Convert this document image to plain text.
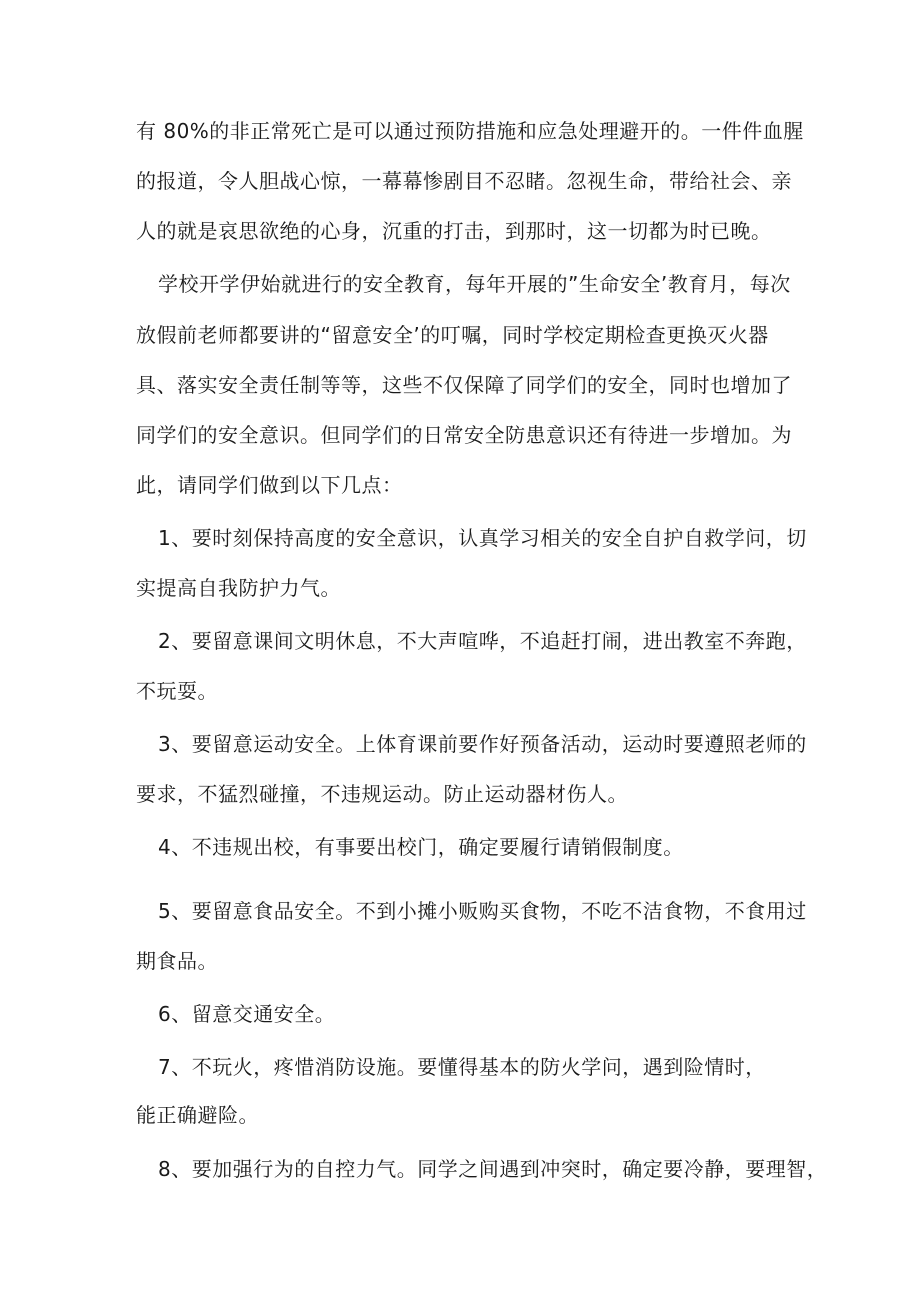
有 80%的非正常死亡是可以通过预防措施和应急处理避开的。一件件血腥
的报道，令人胆战心惊，一幕幕惨剧目不忍睹。忽视生命，带给社会、亲
人的就是哀思欲绝的心身，沉重的打击，到那时，这一切都为时已晚。
学校开学伊始就进行的安全教育，每年开展的”生命安全’教育月，每次
放假前老师都要讲的“留意安全’的叮嘱，同时学校定期检查更换灭火器
具、落实安全责任制等等，这些不仅保障了同学们的安全，同时也增加了
同学们的安全意识。但同学们的日常安全防患意识还有待进一步增加。为
此，请同学们做到以下几点：
1、要时刻保持高度的安全意识，认真学习相关的安全自护自救学问，切
实提高自我防护力气。
2、要留意课间文明休息，不大声喧哗，不追赶打闹，进出教室不奔跑，
不玩耍。
3、要留意运动安全。上体育课前要作好预备活动，运动时要遵照老师的
要求，不猛烈碰撞，不违规运动。防止运动器材伤人。
4、不违规出校，有事要出校门，确定要履行请销假制度。
5、要留意食品安全。不到小摊小贩购买食物，不吃不洁食物，不食用过
期食品。
6、留意交通安全。
7、不玩火，疼惜消防设施。要懂得基本的防火学问，遇到险情时，
能正确避险。
8、要加强行为的自控力气。同学之间遇到冲突时，确定要冷静，要理智，
